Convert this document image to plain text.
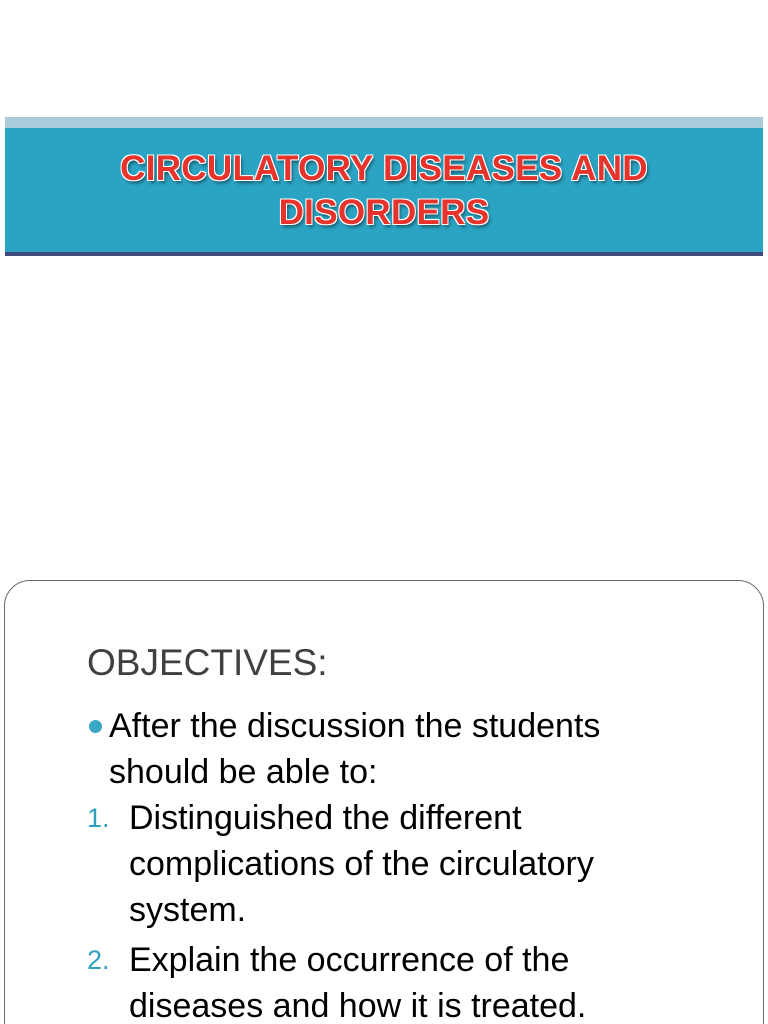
CIRCULATORY DISEASES AND DISORDERS
OBJECTIVES:
After the discussion the students should be able to:
1. Distinguished the different complications of the circulatory system.
2. Explain the occurrence of the diseases and how it is treated.
